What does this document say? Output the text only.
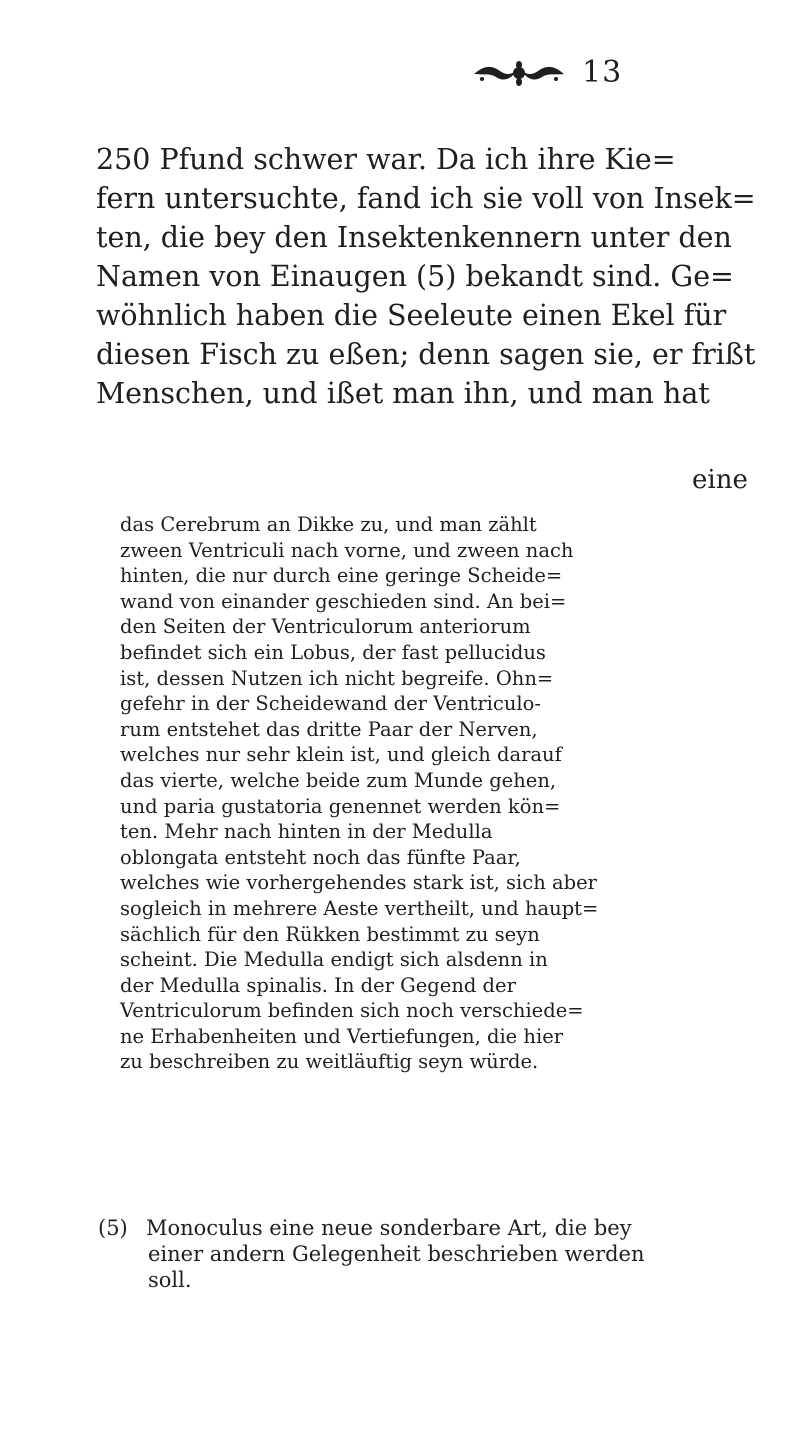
13
250 Pfund schwer war. Da ich ihre Kie=
fern untersuchte, fand ich sie voll von Insek=
ten, die bey den Insektenkennern unter den
Namen von Einaugen (5) bekandt sind. Ge=
wöhnlich haben die Seeleute einen Ekel für
diesen Fisch zu eßen; denn sagen sie, er frißt
Menschen, und ißet man ihn, und man hat
eine
das Cerebrum an Dikke zu, und man zählt
zween Ventriculi nach vorne, und zween nach
hinten, die nur durch eine geringe Scheide=
wand von einander geschieden sind. An bei=
den Seiten der Ventriculorum anteriorum
befindet sich ein Lobus, der fast pellucidus
ist, dessen Nutzen ich nicht begreife. Ohn=
gefehr in der Scheidewand der Ventriculo-
rum entstehet das dritte Paar der Nerven,
welches nur sehr klein ist, und gleich darauf
das vierte, welche beide zum Munde gehen,
und paria gustatoria genennet werden kön=
ten. Mehr nach hinten in der Medulla
oblongata entsteht noch das fünfte Paar,
welches wie vorhergehendes stark ist, sich aber
sogleich in mehrere Aeste vertheilt, und haupt=
sächlich für den Rükken bestimmt zu seyn
scheint. Die Medulla endigt sich alsdenn in
der Medulla spinalis. In der Gegend der
Ventriculorum befinden sich noch verschiede=
ne Erhabenheiten und Vertiefungen, die hier
zu beschreiben zu weitläuftig seyn würde.
(5) Monoculus eine neue sonderbare Art, die bey
einer andern Gelegenheit beschrieben werden
soll.
